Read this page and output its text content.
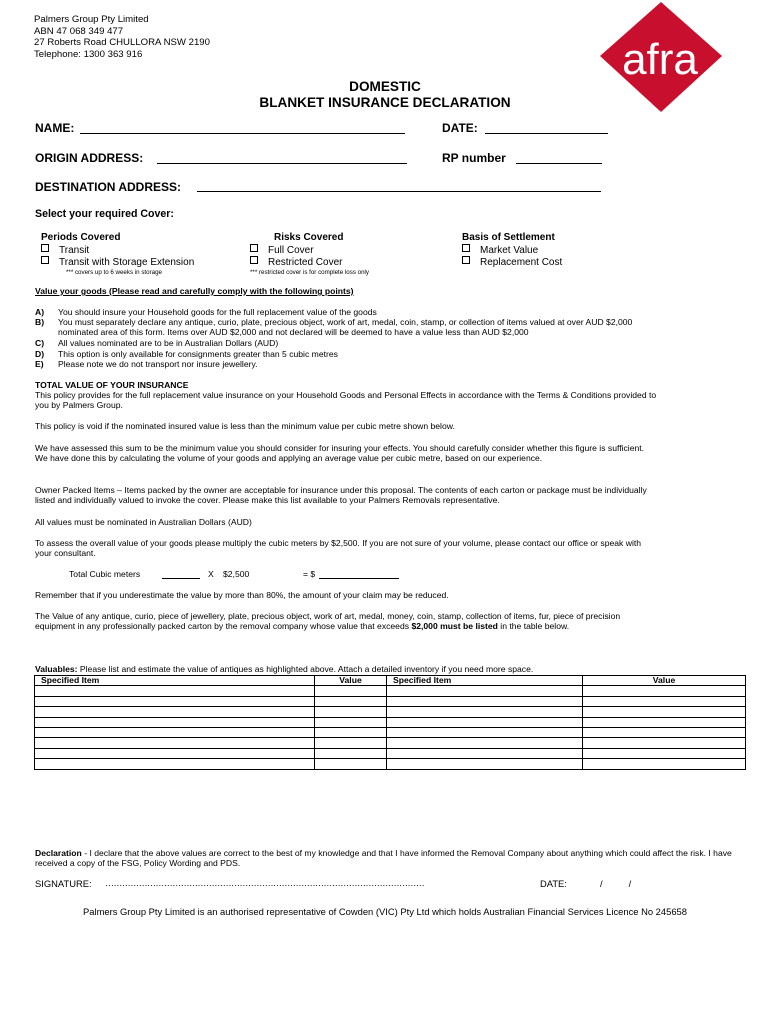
Palmers Group Pty Limited
ABN 47 068 349 477
27 Roberts Road CHULLORA NSW 2190
Telephone: 1300 363 916	afra
DOMESTIC
BLANKET INSURANCE DECLARATION
NAME:	DATE:
ORIGIN ADDRESS:	RP number
DESTINATION ADDRESS:
Select your required Cover:
Periods Covered
Transit
Transit with Storage Extension
*** covers up to 6 weeks in storage
Risks Covered
Full Cover
Restricted Cover
*** restricted cover is for complete loss only
Basis of Settlement
Market Value
Replacement Cost
Value your goods (Please read and carefully comply with the following points)
A) You should insure your Household goods for the full replacement value of the goods
B) You must separately declare any antique, curio, plate, precious object, work of art, medal, coin, stamp, or collection of items valued at over AUD $2,000 nominated area of this form. Items over AUD $2,000 and not declared will be deemed to have a value less than AUD $2,000
C) All values nominated are to be in Australian Dollars (AUD)
D) This option is only available for consignments greater than 5 cubic metres
E) Please note we do not transport nor insure jewellery.
TOTAL VALUE OF YOUR INSURANCE
This policy provides for the full replacement value insurance on your Household Goods and Personal Effects in accordance with the Terms & Conditions provided to you by Palmers Group.
This policy is void if the nominated insured value is less than the minimum value per cubic metre shown below.
We have assessed this sum to be the minimum value you should consider for insuring your effects. You should carefully consider whether this figure is sufficient. We have done this by calculating the volume of your goods and applying an average value per cubic metre, based on our experience.
Owner Packed Items – Items packed by the owner are acceptable for insurance under this proposal. The contents of each carton or package must be individually listed and individually valued to invoke the cover. Please make this list available to your Palmers Removals representative.
All values must be nominated in Australian Dollars (AUD)
To assess the overall value of your goods please multiply the cubic meters by $2,500. If you are not sure of your volume, please contact our office or speak with your consultant.
Total Cubic meters	X $2,500	= $
Remember that if you underestimate the value by more than 80%, the amount of your claim may be reduced.
The Value of any antique, curio, piece of jewellery, plate, precious object, work of art, medal, money, coin, stamp, collection of items, fur, piece of precision equipment in any professionally packed carton by the removal company whose value that exceeds $2,000 must be listed in the table below.
Valuables: Please list and estimate the value of antiques as highlighted above. Attach a detailed inventory if you need more space.
Specified Item	Value	Specified Item	Value

Declaration - I declare that the above values are correct to the best of my knowledge and that I have informed the Removal Company about anything which could affect the risk. I have received a copy of the FSG, Policy Wording and PDS.
SIGNATURE: ……………………………………………………………………………………………………	DATE:	/          /
Palmers Group Pty Limited is an authorised representative of Cowden (VIC) Pty Ltd which holds Australian Financial Services Licence No 245658
